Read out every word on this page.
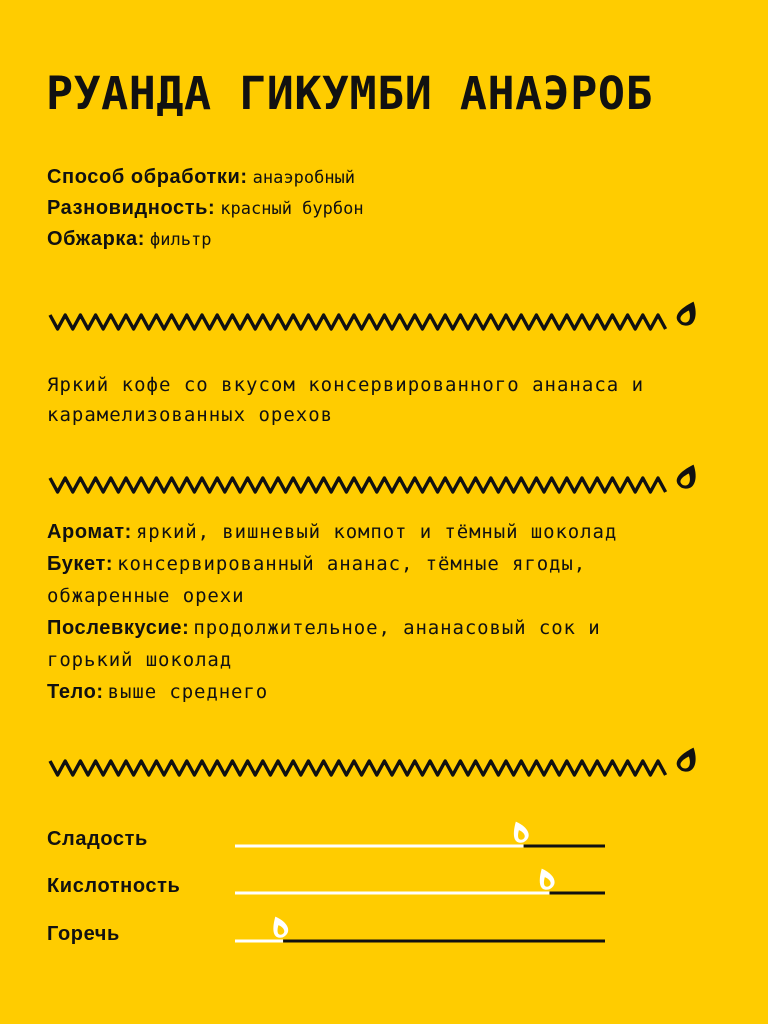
РУАНДА ГИКУМБИ АНАЭРОБ
Способ обработки: анаэробный
Разновидность: красный бурбон
Обжарка: фильтр
Яркий кофе со вкусом консервированного ананаса и карамелизованных орехов
Аромат: яркий, вишневый компот и тёмный шоколад
Букет: консервированный ананас, тёмные ягоды, обжаренные орехи
Послевкусие: продолжительное, ананасовый сок и горький шоколад
Тело: выше среднего
Сладость
Кислотность
Горечь
